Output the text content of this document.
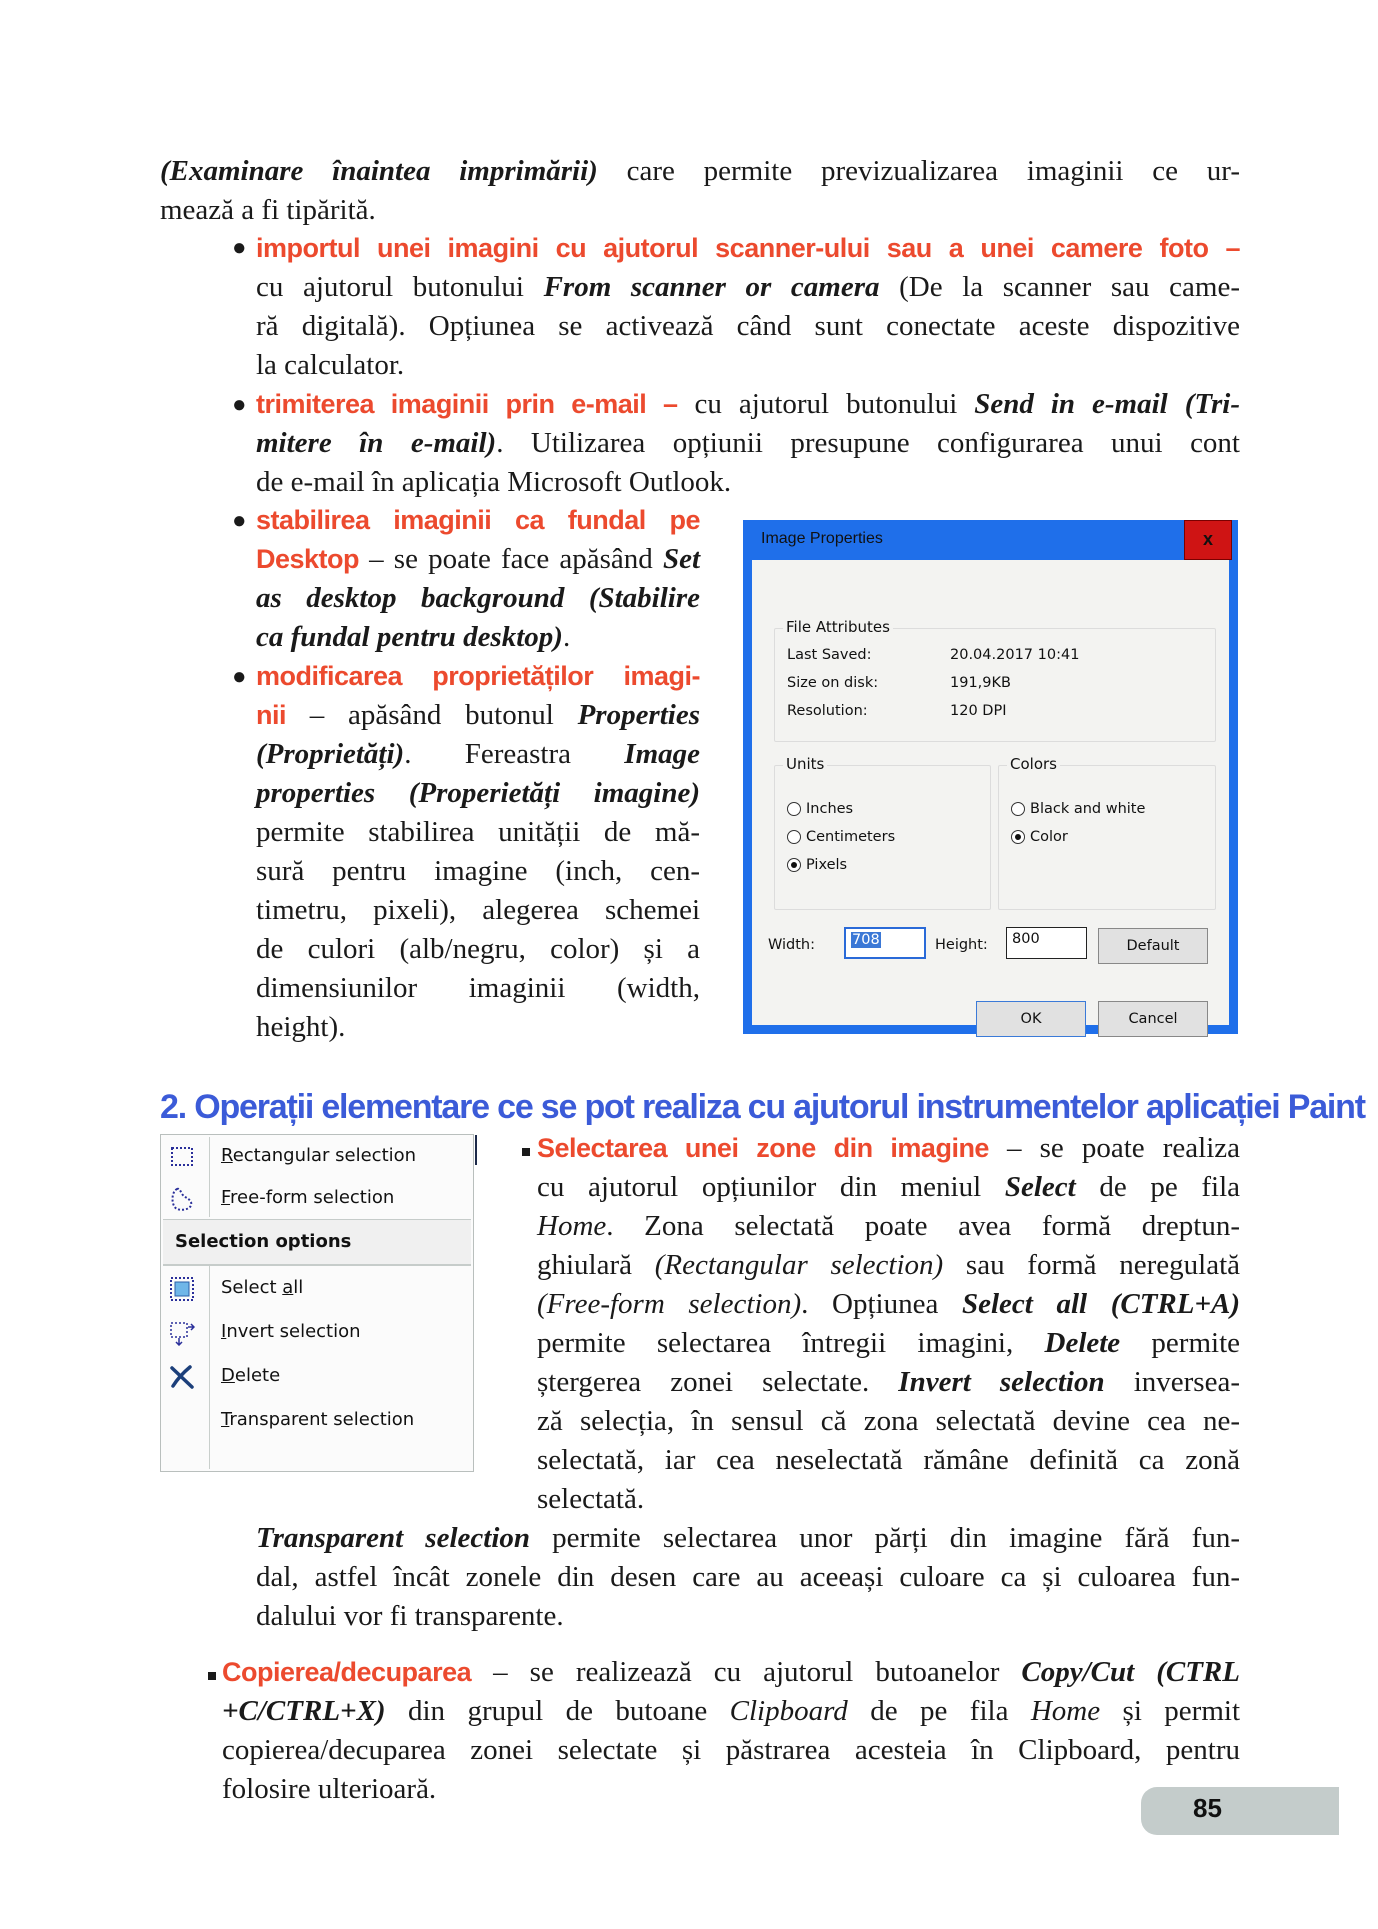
(Examinare înaintea imprimării) care permite previzualizarea imaginii ce ur-
mează a fi tipărită.
● importul unei imagini cu ajutorul scanner-ului sau a unei camere foto –
cu ajutorul butonului From scanner or camera (De la scanner sau came-
ră digitală). Opțiunea se activează când sunt conectate aceste dispozitive
la calculator.
● trimiterea imaginii prin e-mail – cu ajutorul butonului Send in e-mail (Tri-
mitere în e-mail). Utilizarea opțiunii presupune configurarea unui cont
de e-mail în aplicația Microsoft Outlook.
● stabilirea imaginii ca fundal pe
Desktop – se poate face apăsând Set
as desktop background (Stabilire
ca fundal pentru desktop).
● modificarea proprietăților imagi-
nii – apăsând butonul Properties
(Proprietăți). Fereastra Image
properties (Properietăți imagine)
permite stabilirea unității de mă-
sură pentru imagine (inch, cen-
timetru, pixeli), alegerea schemei
de culori (alb/negru, color) și a
dimensiunilor imaginii (width,
height).
Image Properties	x
File Attributes
Last Saved:	20.04.2017 10:41
Size on disk:	191,9KB
Resolution:	120 DPI
Units
Inches
Centimeters
Pixels
Colors
Black and white
Color
Width:	708	Height:	800	Default
OK	Cancel
2. Operații elementare ce se pot realiza cu ajutorul instrumentelor aplicației Paint
Rectangular selection
Free-form selection
Selection options
Select all
Invert selection
Delete
Transparent selection
Selectarea unei zone din imagine – se poate realiza
cu ajutorul opțiunilor din meniul Select de pe fila
Home. Zona selectată poate avea formă dreptun-
ghiulară (Rectangular selection) sau formă neregulată
(Free-form selection). Opțiunea Select all (CTRL+A)
permite selectarea întregii imagini, Delete permite
ștergerea zonei selectate. Invert selection inversea-
ză selecția, în sensul că zona selectată devine cea ne-
selectată, iar cea neselectată rămâne definită ca zonă
selectată.
Transparent selection permite selectarea unor părți din imagine fără fun-
dal, astfel încât zonele din desen care au aceeași culoare ca și culoarea fun-
dalului vor fi transparente.
Copierea/decuparea – se realizează cu ajutorul butoanelor Copy/Cut (CTRL
+C/CTRL+X) din grupul de butoane Clipboard de pe fila Home și permit
copierea/decuparea zonei selectate și păstrarea acesteia în Clipboard, pentru
folosire ulterioară.
85
